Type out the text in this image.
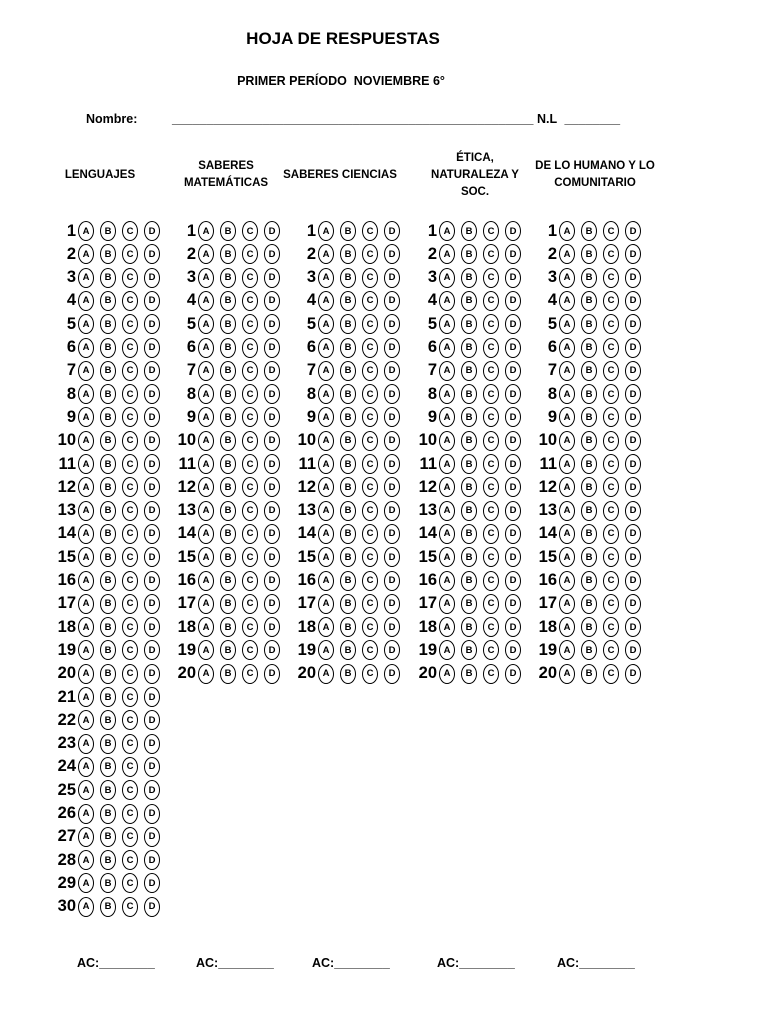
HOJA DE RESPUESTAS
PRIMER PERÍODO  NOVIEMBRE 6°
Nombre:	____________________________________________________ N.L ________
LENGUAJES
1 A	B	C	D
2 A	B	C	D
3 A	B	C	D
4 A	B	C	D
5 A	B	C	D
6 A	B	C	D
7 A	B	C	D
8 A	B	C	D
9 A	B	C	D
10 A	B	C	D
11 A	B	C	D
12 A	B	C	D
13 A	B	C	D
14 A	B	C	D
15 A	B	C	D
16 A	B	C	D
17 A	B	C	D
18 A	B	C	D
19 A	B	C	D
20 A	B	C	D
21 A	B	C	D
22 A	B	C	D
23 A	B	C	D
24 A	B	C	D
25 A	B	C	D
26 A	B	C	D
27 A	B	C	D
28 A	B	C	D
29 A	B	C	D
30 A	B	C	D
AC:________
SABERES MATEMÁTICAS
1 A	B	C	D
2 A	B	C	D
3 A	B	C	D
4 A	B	C	D
5 A	B	C	D
6 A	B	C	D
7 A	B	C	D
8 A	B	C	D
9 A	B	C	D
10 A	B	C	D
11 A	B	C	D
12 A	B	C	D
13 A	B	C	D
14 A	B	C	D
15 A	B	C	D
16 A	B	C	D
17 A	B	C	D
18 A	B	C	D
19 A	B	C	D
20 A	B	C	D
AC:________
SABERES CIENCIAS
1 A	B	C	D
2 A	B	C	D
3 A	B	C	D
4 A	B	C	D
5 A	B	C	D
6 A	B	C	D
7 A	B	C	D
8 A	B	C	D
9 A	B	C	D
10 A	B	C	D
11 A	B	C	D
12 A	B	C	D
13 A	B	C	D
14 A	B	C	D
15 A	B	C	D
16 A	B	C	D
17 A	B	C	D
18 A	B	C	D
19 A	B	C	D
20 A	B	C	D
AC:________
ÉTICA, NATURALEZA Y SOC.
1 A	B	C	D
2 A	B	C	D
3 A	B	C	D
4 A	B	C	D
5 A	B	C	D
6 A	B	C	D
7 A	B	C	D
8 A	B	C	D
9 A	B	C	D
10 A	B	C	D
11 A	B	C	D
12 A	B	C	D
13 A	B	C	D
14 A	B	C	D
15 A	B	C	D
16 A	B	C	D
17 A	B	C	D
18 A	B	C	D
19 A	B	C	D
20 A	B	C	D
AC:________
DE LO HUMANO Y LO COMUNITARIO
1 A	B	C	D
2 A	B	C	D
3 A	B	C	D
4 A	B	C	D
5 A	B	C	D
6 A	B	C	D
7 A	B	C	D
8 A	B	C	D
9 A	B	C	D
10 A	B	C	D
11 A	B	C	D
12 A	B	C	D
13 A	B	C	D
14 A	B	C	D
15 A	B	C	D
16 A	B	C	D
17 A	B	C	D
18 A	B	C	D
19 A	B	C	D
20 A	B	C	D
AC:________
